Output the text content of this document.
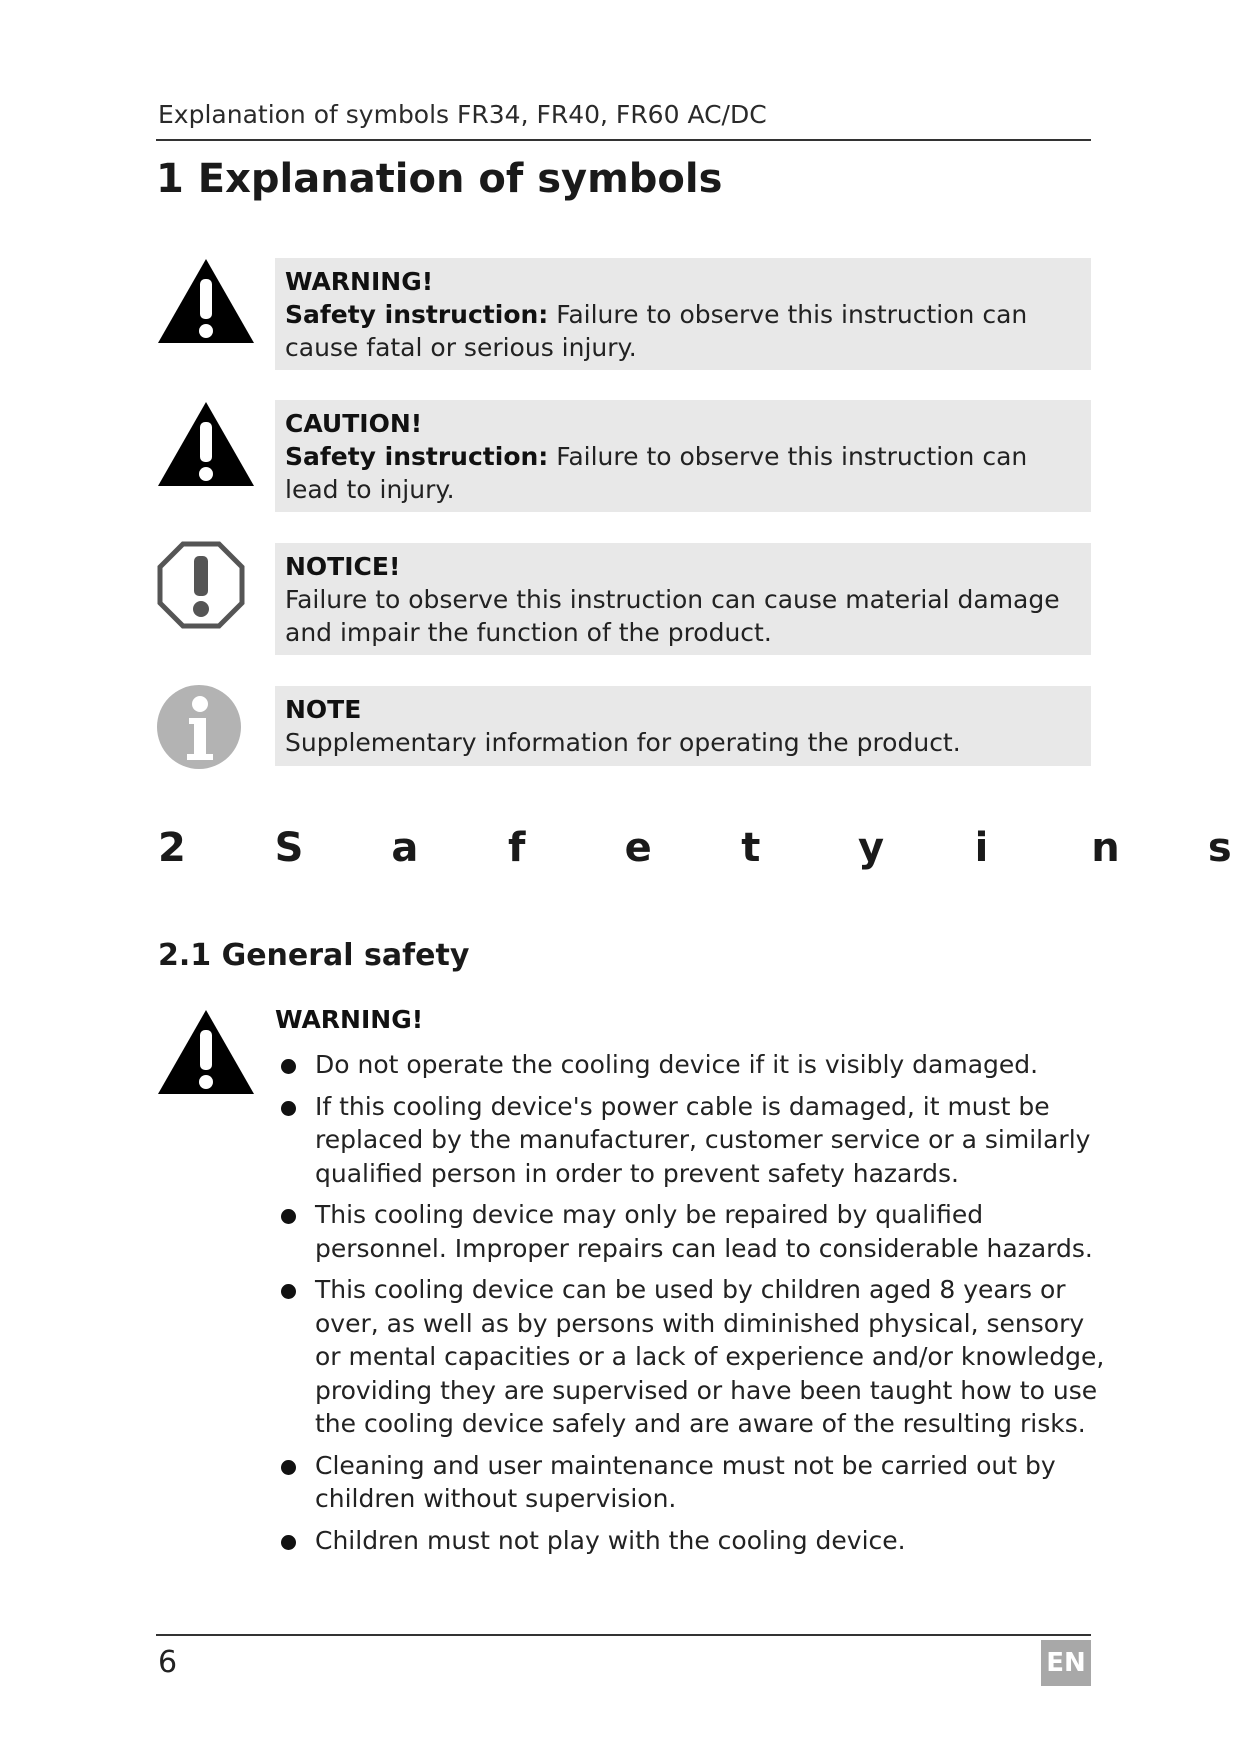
Explanation of symbols FR34, FR40, FR60 AC/DC
1 Explanation of symbols
WARNING!
Safety instruction: Failure to observe this instruction can cause fatal or serious injury.
CAUTION!
Safety instruction: Failure to observe this instruction can lead to injury.
NOTICE!
Failure to observe this instruction can cause material damage and impair the function of the product.
NOTE
Supplementary information for operating the product.
2	S a	f	e	t	y	i	n s
2.1 General safety
WARNING!
Do not operate the cooling device if it is visibly damaged.
If this cooling device's power cable is damaged, it must be replaced by the manufacturer, customer service or a similarly qualified person in order to prevent safety hazards.
This cooling device may only be repaired by qualified personnel. Improper repairs can lead to considerable hazards.
This cooling device can be used by children aged 8 years or over, as well as by persons with diminished physical, sensory or mental capacities or a lack of experience and/or knowledge, providing they are supervised or have been taught how to use the cooling device safely and are aware of the resulting risks.
Cleaning and user maintenance must not be carried out by children without supervision.
Children must not play with the cooling device.
6	EN
